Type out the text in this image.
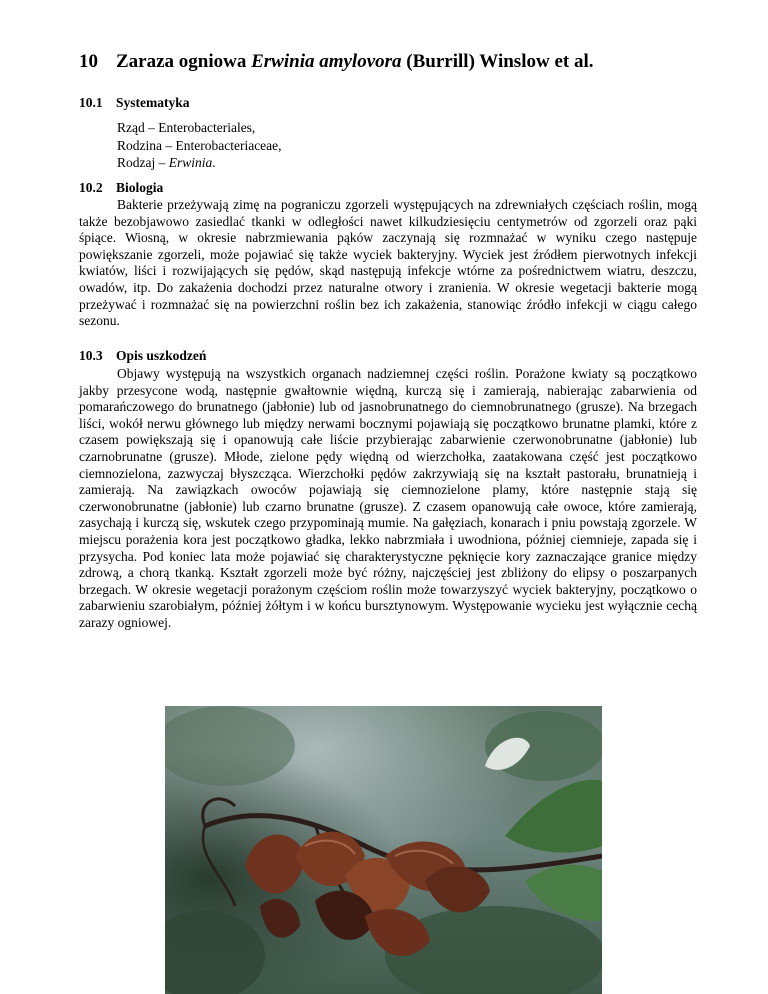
10 Zaraza ogniowa Erwinia amylovora (Burrill) Winslow et al.
10.1 Systematyka
Rząd – Enterobacteriales,
Rodzina – Enterobacteriaceae,
Rodzaj – Erwinia.
10.2 Biologia

Bakterie przeżywają zimę na pograniczu zgorzeli występujących na zdrewniałych częściach roślin, mogą także bezobjawowo zasiedlać tkanki w odległości nawet kilkudziesięciu centymetrów od zgorzeli oraz pąki śpiące. Wiosną, w okresie nabrzmiewania pąków zaczynają się rozmnażać w wyniku czego następuje powiększanie zgorzeli, może pojawiać się także wyciek bakteryjny. Wyciek jest źródłem pierwotnych infekcji kwiatów, liści i rozwijających się pędów, skąd następują infekcje wtórne za pośrednictwem wiatru, deszczu, owadów, itp. Do zakażenia dochodzi przez naturalne otwory i zranienia. W okresie wegetacji bakterie mogą przeżywać i rozmnażać się na powierzchni roślin bez ich zakażenia, stanowiąc źródło infekcji w ciągu całego sezonu.

10.3 Opis uszkodzeń

Objawy występują na wszystkich organach nadziemnej części roślin. Porażone kwiaty są początkowo jakby przesycone wodą, następnie gwałtownie więdną, kurczą się i zamierają, nabierając zabarwienia od pomarańczowego do brunatnego (jabłonie) lub od jasnobrunatnego do ciemnobrunatnego (grusze). Na brzegach liści, wokół nerwu głównego lub między nerwami bocznymi pojawiają się początkowo brunatne plamki, które z czasem powiększają się i opanowują całe liście przybierając zabarwienie czerwonobrunatne (jabłonie) lub czarnobrunatne (grusze). Młode, zielone pędy więdną od wierzchołka, zaatakowana część jest początkowo ciemnozielona, zazwyczaj błyszcząca. Wierzchołki pędów zakrzywiają się na kształt pastorału, brunatnieją i zamierają. Na zawiązkach owoców pojawiają się ciemnozielone plamy, które następnie stają się czerwonobrunatne (jabłonie) lub czarno brunatne (grusze). Z czasem opanowują całe owoce, które zamierają, zasychają i kurczą się, wskutek czego przypominają mumie. Na gałęziach, konarach i pniu powstają zgorzele. W miejscu porażenia kora jest początkowo gładka, lekko nabrzmiała i uwodniona, później ciemnieje, zapada się i przysycha. Pod koniec lata może pojawiać się charakterystyczne pęknięcie kory zaznaczające granice między zdrową, a chorą tkanką. Kształt zgorzeli może być różny, najczęściej jest zbliżony do elipsy o poszarpanych brzegach. W okresie wegetacji porażonym częściom roślin może towarzyszyć wyciek bakteryjny, początkowo o zabarwieniu szarobiałym, później żółtym i w końcu bursztynowym. Występowanie wycieku jest wyłącznie cechą zarazy ogniowej.
